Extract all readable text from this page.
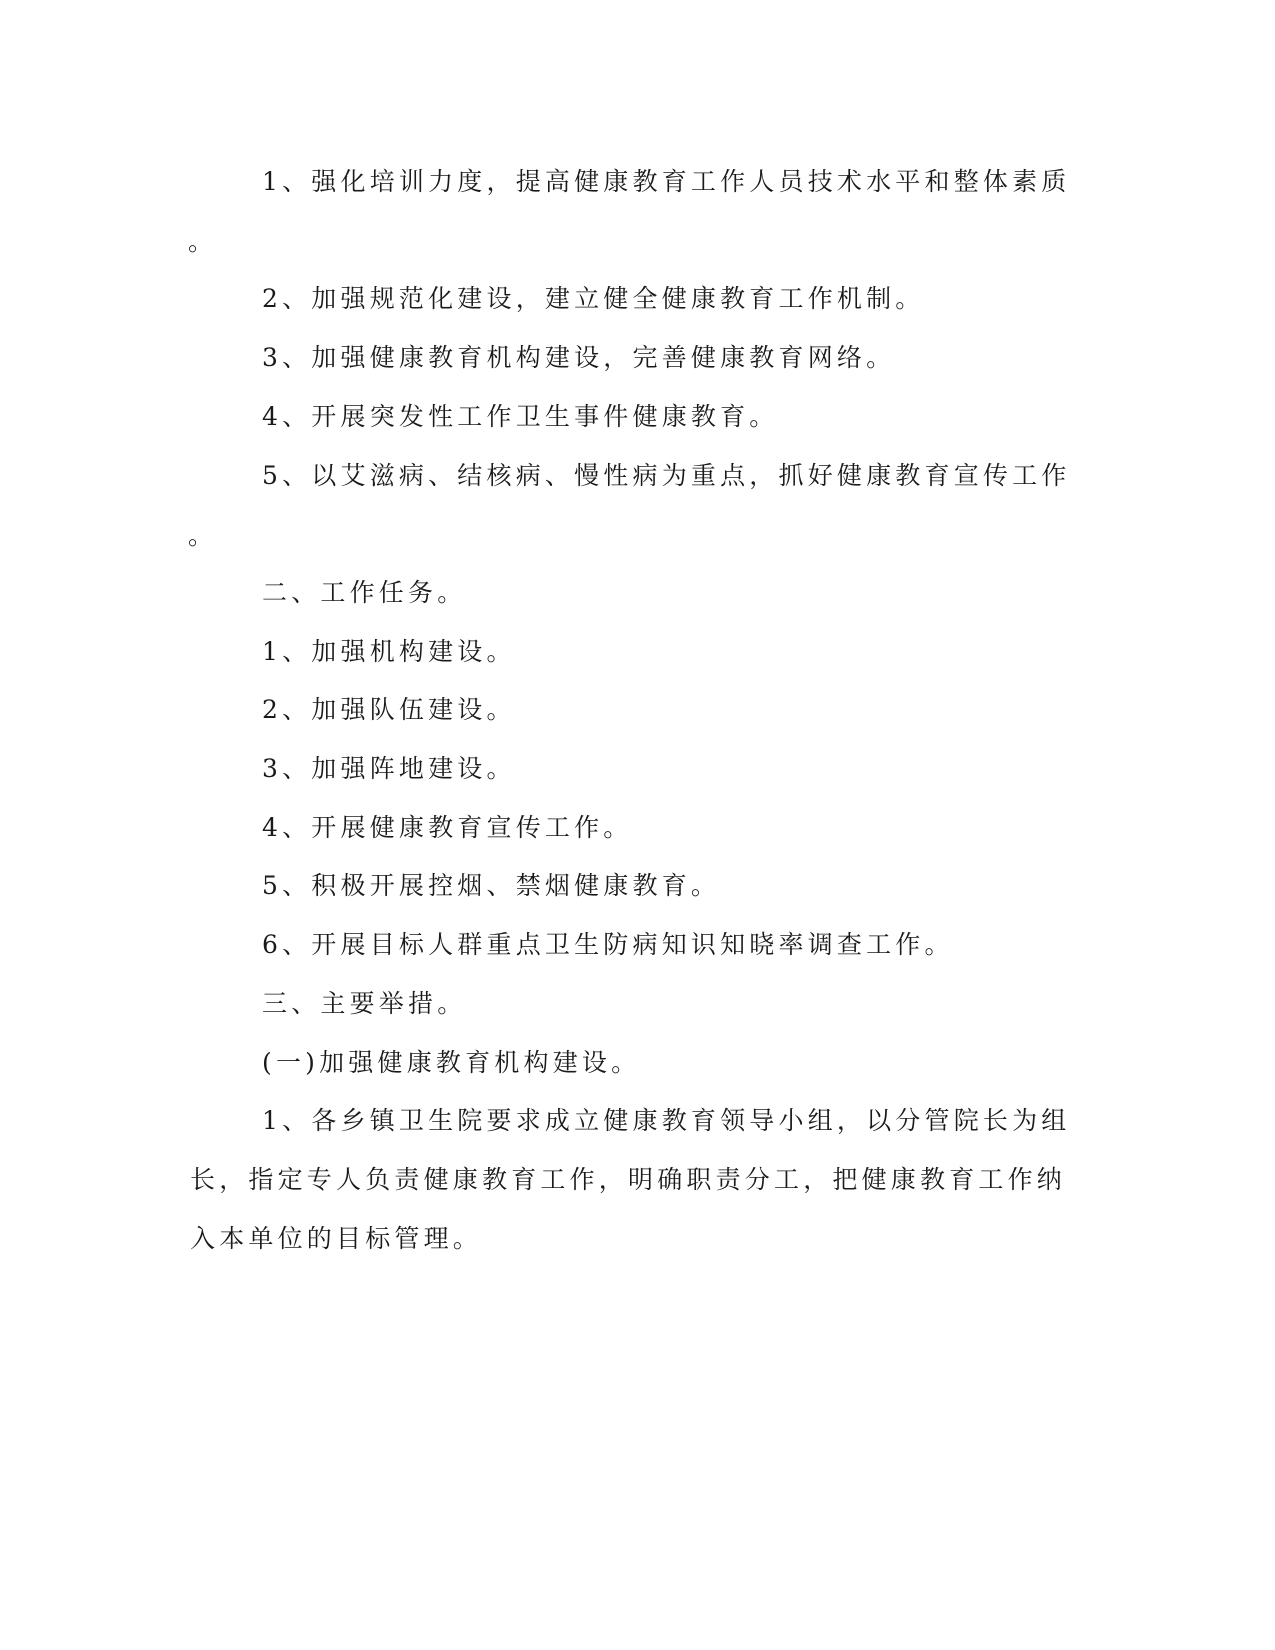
1、强化培训力度，提高健康教育工作人员技术水平和整体素质
。
2、加强规范化建设，建立健全健康教育工作机制。
3、加强健康教育机构建设，完善健康教育网络。
4、开展突发性工作卫生事件健康教育。
5、以艾滋病、结核病、慢性病为重点，抓好健康教育宣传工作
。
二、工作任务。
1、加强机构建设。
2、加强队伍建设。
3、加强阵地建设。
4、开展健康教育宣传工作。
5、积极开展控烟、禁烟健康教育。
6、开展目标人群重点卫生防病知识知晓率调查工作。
三、主要举措。
(一)加强健康教育机构建设。
1、各乡镇卫生院要求成立健康教育领导小组，以分管院长为组
长，指定专人负责健康教育工作，明确职责分工，把健康教育工作纳
入本单位的目标管理。
